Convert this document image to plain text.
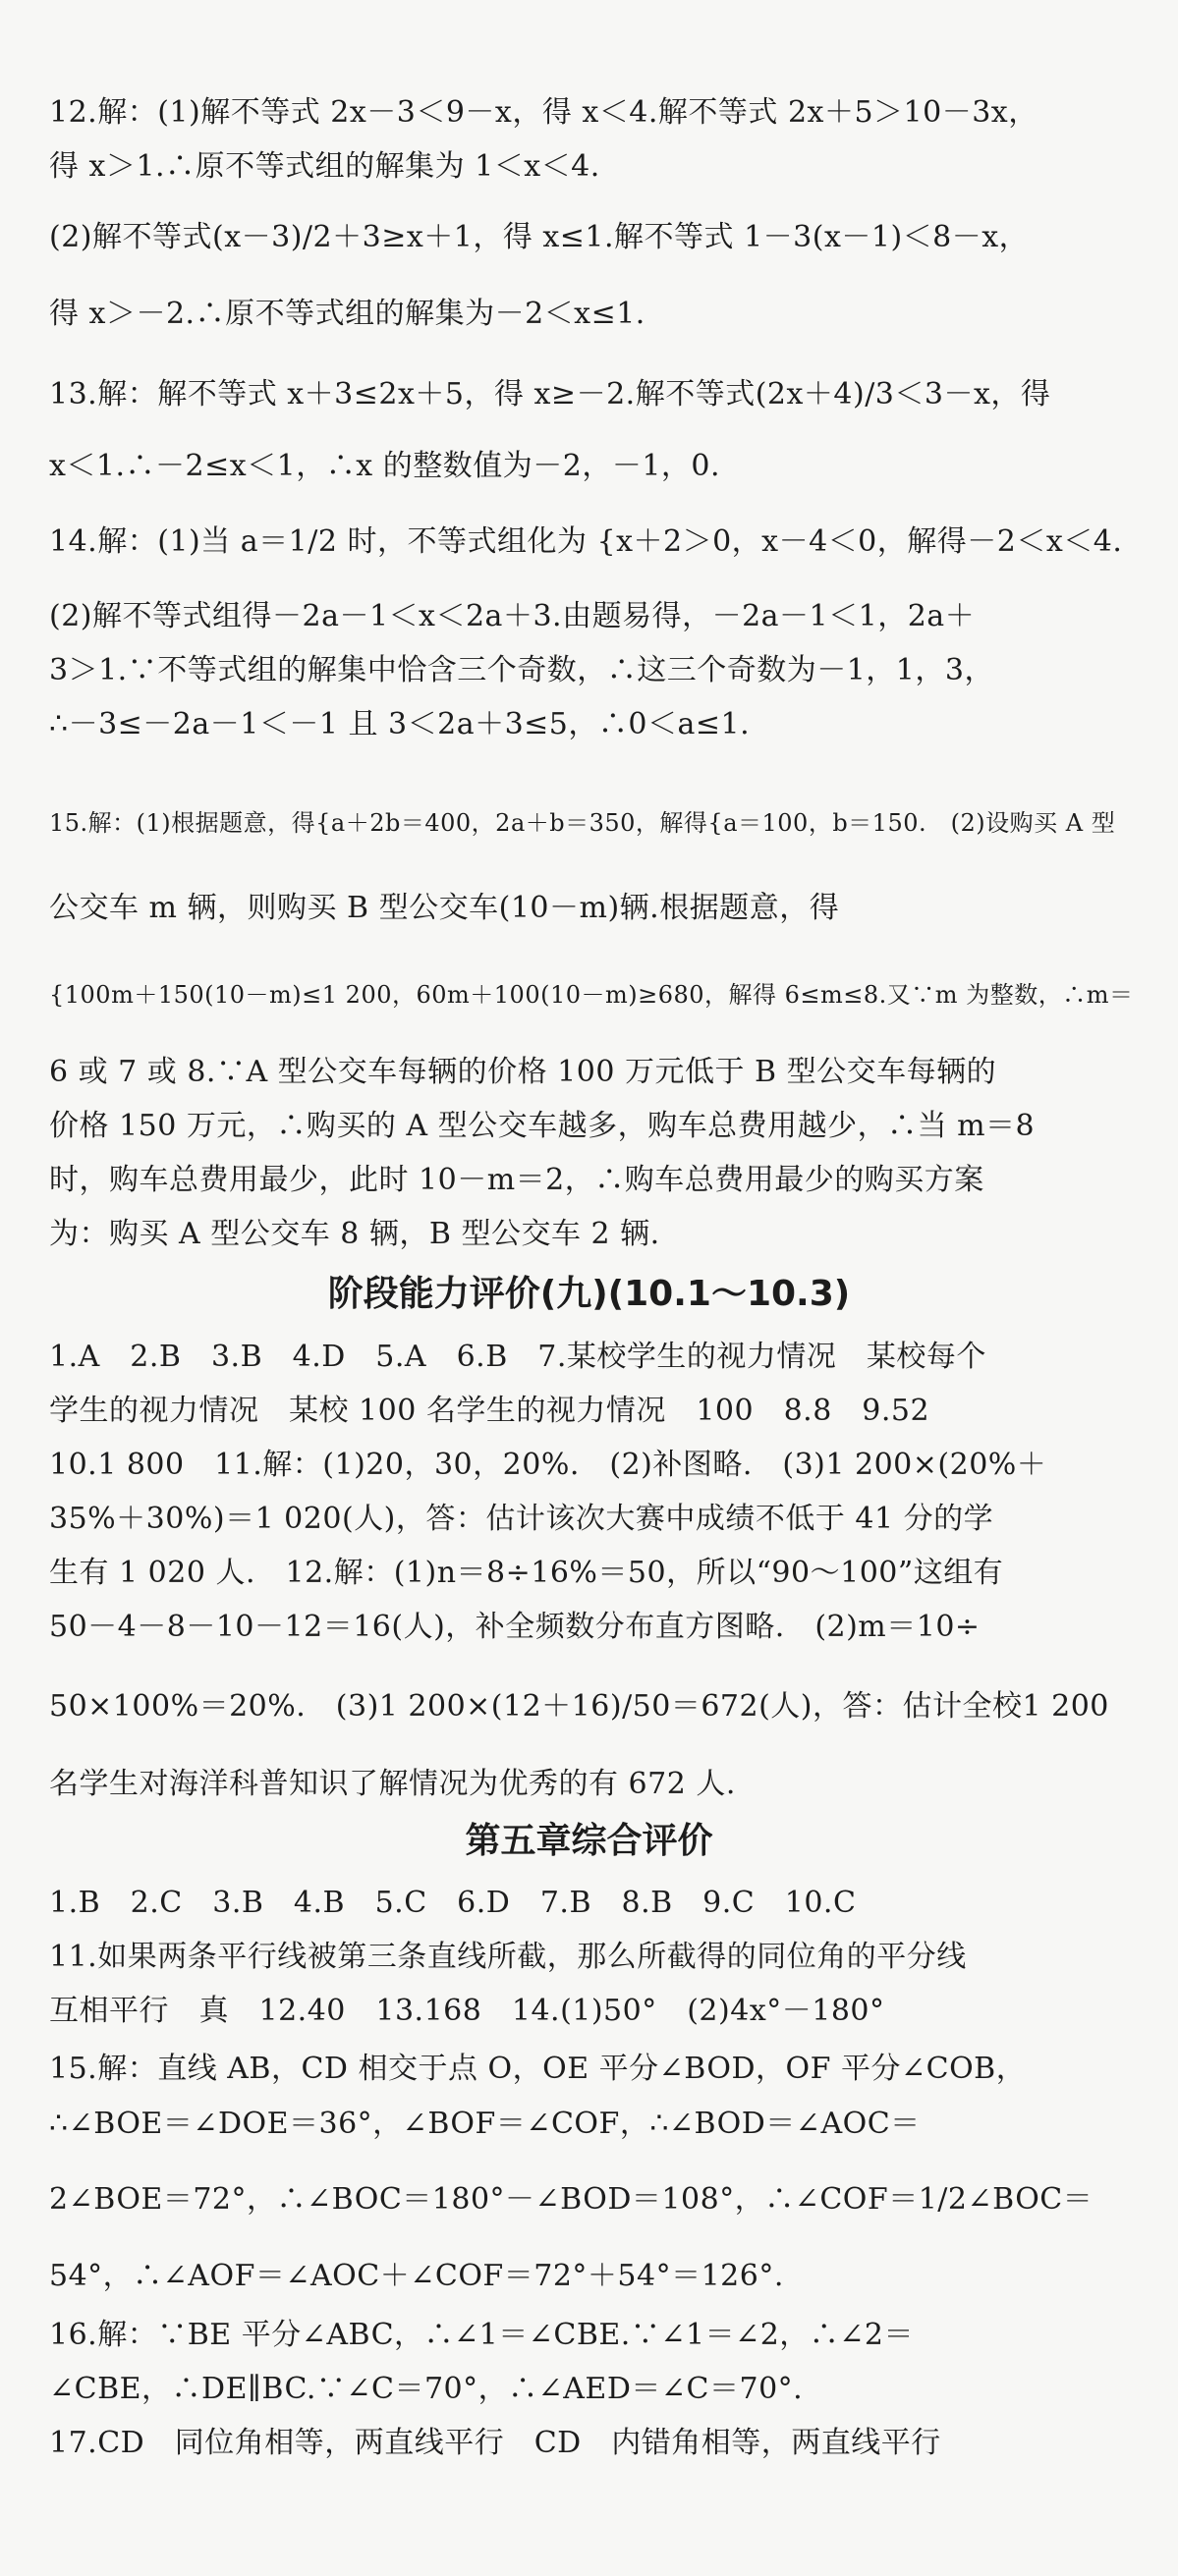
12.解：(1)解不等式 2x－3＜9－x，得 x＜4.解不等式 2x＋5＞10－3x，
得 x＞1.∴原不等式组的解集为 1＜x＜4.
(2)解不等式(x－3)/2＋3≥x＋1，得 x≤1.解不等式 1－3(x－1)＜8－x，
得 x＞－2.∴原不等式组的解集为－2＜x≤1.
13.解：解不等式 x＋3≤2x＋5，得 x≥－2.解不等式(2x＋4)/3＜3－x，得
x＜1.∴－2≤x＜1，∴x 的整数值为－2，－1，0.
14.解：(1)当 a＝1/2 时，不等式组化为 {x＋2＞0，x－4＜0，解得－2＜x＜4.
(2)解不等式组得－2a－1＜x＜2a＋3.由题易得，－2a－1＜1，2a＋
3＞1.∵不等式组的解集中恰含三个奇数，∴这三个奇数为－1，1，3，
∴－3≤－2a－1＜－1 且 3＜2a＋3≤5，∴0＜a≤1.
15.解：(1)根据题意，得{a＋2b＝400，2a＋b＝350，解得{a＝100，b＝150.　(2)设购买 A 型
公交车 m 辆，则购买 B 型公交车(10－m)辆.根据题意，得
{100m＋150(10－m)≤1 200，60m＋100(10－m)≥680，解得 6≤m≤8.又∵m 为整数，∴m＝
6 或 7 或 8.∵A 型公交车每辆的价格 100 万元低于 B 型公交车每辆的
价格 150 万元，∴购买的 A 型公交车越多，购车总费用越少，∴当 m＝8
时，购车总费用最少，此时 10－m＝2，∴购车总费用最少的购买方案
为：购买 A 型公交车 8 辆，B 型公交车 2 辆.
阶段能力评价(九)(10.1～10.3)
1.A　2.B　3.B　4.D　5.A　6.B　7.某校学生的视力情况　某校每个
学生的视力情况　某校 100 名学生的视力情况　100　8.8　9.52
10.1 800　11.解：(1)20，30，20%.　(2)补图略.　(3)1 200×(20%＋
35%＋30%)＝1 020(人)，答：估计该次大赛中成绩不低于 41 分的学
生有 1 020 人.　12.解：(1)n＝8÷16%＝50，所以“90～100”这组有
50－4－8－10－12＝16(人)，补全频数分布直方图略.　(2)m＝10÷
50×100%＝20%.　(3)1 200×(12＋16)/50＝672(人)，答：估计全校1 200
名学生对海洋科普知识了解情况为优秀的有 672 人.
第五章综合评价
1.B　2.C　3.B　4.B　5.C　6.D　7.B　8.B　9.C　10.C
11.如果两条平行线被第三条直线所截，那么所截得的同位角的平分线
互相平行　真　12.40　13.168　14.(1)50°　(2)4x°－180°
15.解：直线 AB，CD 相交于点 O，OE 平分∠BOD，OF 平分∠COB，
∴∠BOE＝∠DOE＝36°，∠BOF＝∠COF，∴∠BOD＝∠AOC＝
2∠BOE＝72°，∴∠BOC＝180°－∠BOD＝108°，∴∠COF＝1/2∠BOC＝
54°，∴∠AOF＝∠AOC＋∠COF＝72°＋54°＝126°.
16.解：∵BE 平分∠ABC，∴∠1＝∠CBE.∵∠1＝∠2，∴∠2＝
∠CBE，∴DE∥BC.∵∠C＝70°，∴∠AED＝∠C＝70°.
17.CD　同位角相等，两直线平行　CD　内错角相等，两直线平行
